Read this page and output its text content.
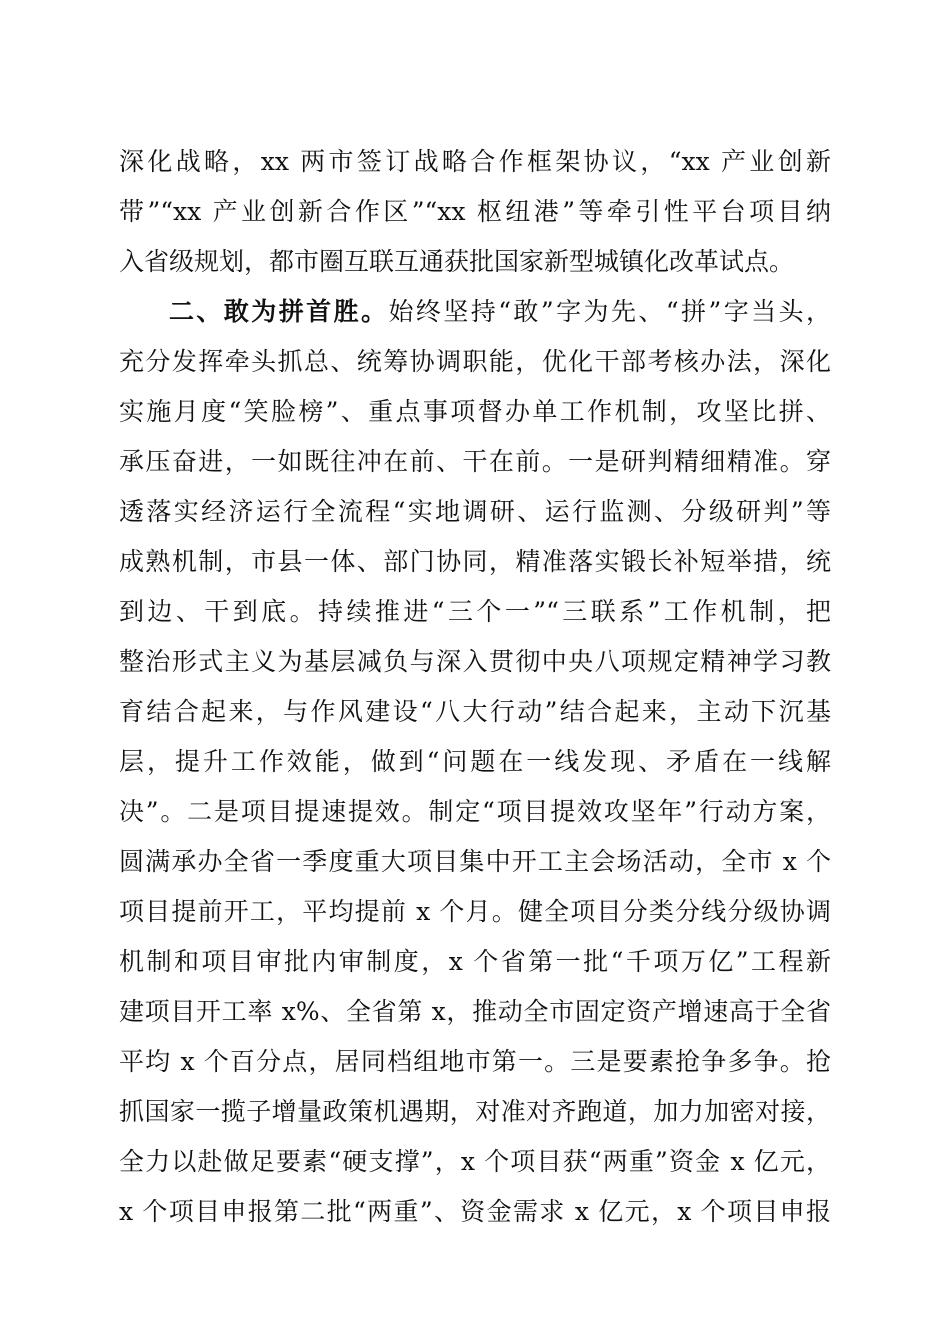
深化战略，xx 两市签订战略合作框架协议，“xx 产业创新
带”“xx 产业创新合作区”“xx 枢纽港”等牵引性平台项目纳
入省级规划，都市圈互联互通获批国家新型城镇化改革试点。
二、敢为拼首胜。始终坚持“敢”字为先、“拼”字当头，
充分发挥牵头抓总、统筹协调职能，优化干部考核办法，深化
实施月度“笑脸榜”、重点事项督办单工作机制，攻坚比拼、
承压奋进，一如既往冲在前、干在前。一是研判精细精准。穿
透落实经济运行全流程“实地调研、运行监测、分级研判”等
成熟机制，市县一体、部门协同，精准落实锻长补短举措，统
到边、干到底。持续推进“三个一”“三联系”工作机制，把
整治形式主义为基层减负与深入贯彻中央八项规定精神学习教
育结合起来，与作风建设“八大行动”结合起来，主动下沉基
层，提升工作效能，做到“问题在一线发现、矛盾在一线解
决”。二是项目提速提效。制定“项目提效攻坚年”行动方案，
圆满承办全省一季度重大项目集中开工主会场活动，全市 x 个
项目提前开工，平均提前 x 个月。健全项目分类分线分级协调
机制和项目审批内审制度，x 个省第一批“千项万亿”工程新
建项目开工率 x%、全省第 x，推动全市固定资产增速高于全省
平均 x 个百分点，居同档组地市第一。三是要素抢争多争。抢
抓国家一揽子增量政策机遇期，对准对齐跑道，加力加密对接，
全力以赴做足要素“硬支撑”，x 个项目获“两重”资金 x 亿元，
x 个项目申报第二批“两重”、资金需求 x 亿元，x 个项目申报
